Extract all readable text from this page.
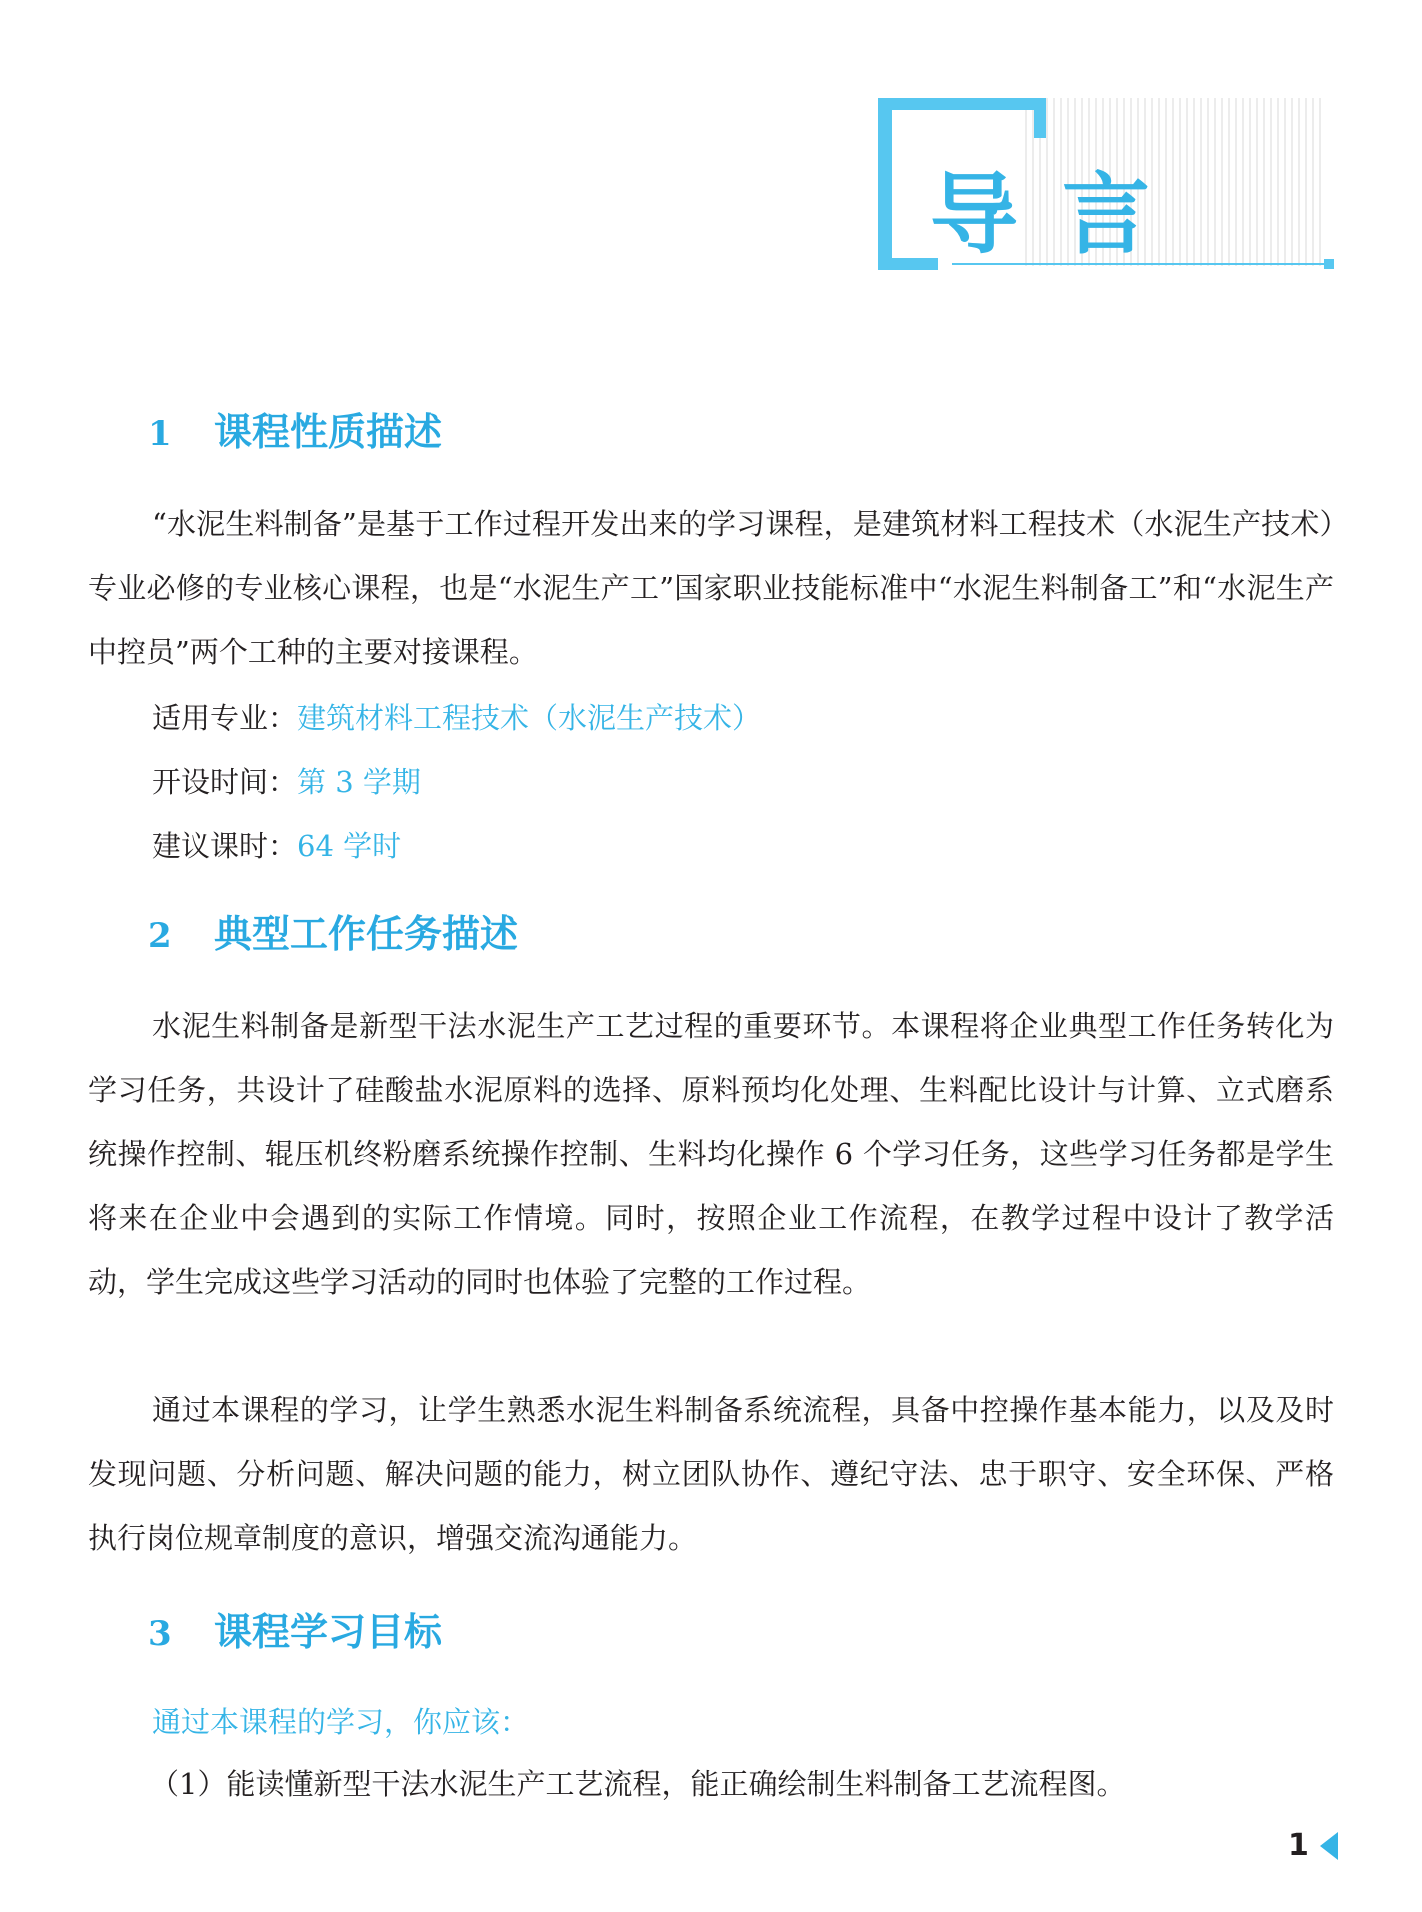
导言
1 课程性质描述

“水泥生料制备”是基于工作过程开发出来的学习课程，是建筑材料工程技术（水泥生产技术）专业必修的专业核心课程，也是“水泥生产工”国家职业技能标准中“水泥生料制备工”和“水泥生产中控员”两个工种的主要对接课程。

适用专业：建筑材料工程技术（水泥生产技术）
开设时间：第 3 学期
建议课时：64 学时
2 典型工作任务描述

水泥生料制备是新型干法水泥生产工艺过程的重要环节。本课程将企业典型工作任务转化为学习任务，共设计了硅酸盐水泥原料的选择、原料预均化处理、生料配比设计与计算、立式磨系统操作控制、辊压机终粉磨系统操作控制、生料均化操作 6 个学习任务，这些学习任务都是学生将来在企业中会遇到的实际工作情境。同时，按照企业工作流程，在教学过程中设计了教学活动，学生完成这些学习活动的同时也体验了完整的工作过程。

通过本课程的学习，让学生熟悉水泥生料制备系统流程，具备中控操作基本能力，以及及时发现问题、分析问题、解决问题的能力，树立团队协作、遵纪守法、忠于职守、安全环保、严格执行岗位规章制度的意识，增强交流沟通能力。

3 课程学习目标
通过本课程的学习，你应该：
（1）能读懂新型干法水泥生产工艺流程，能正确绘制生料制备工艺流程图。
1
